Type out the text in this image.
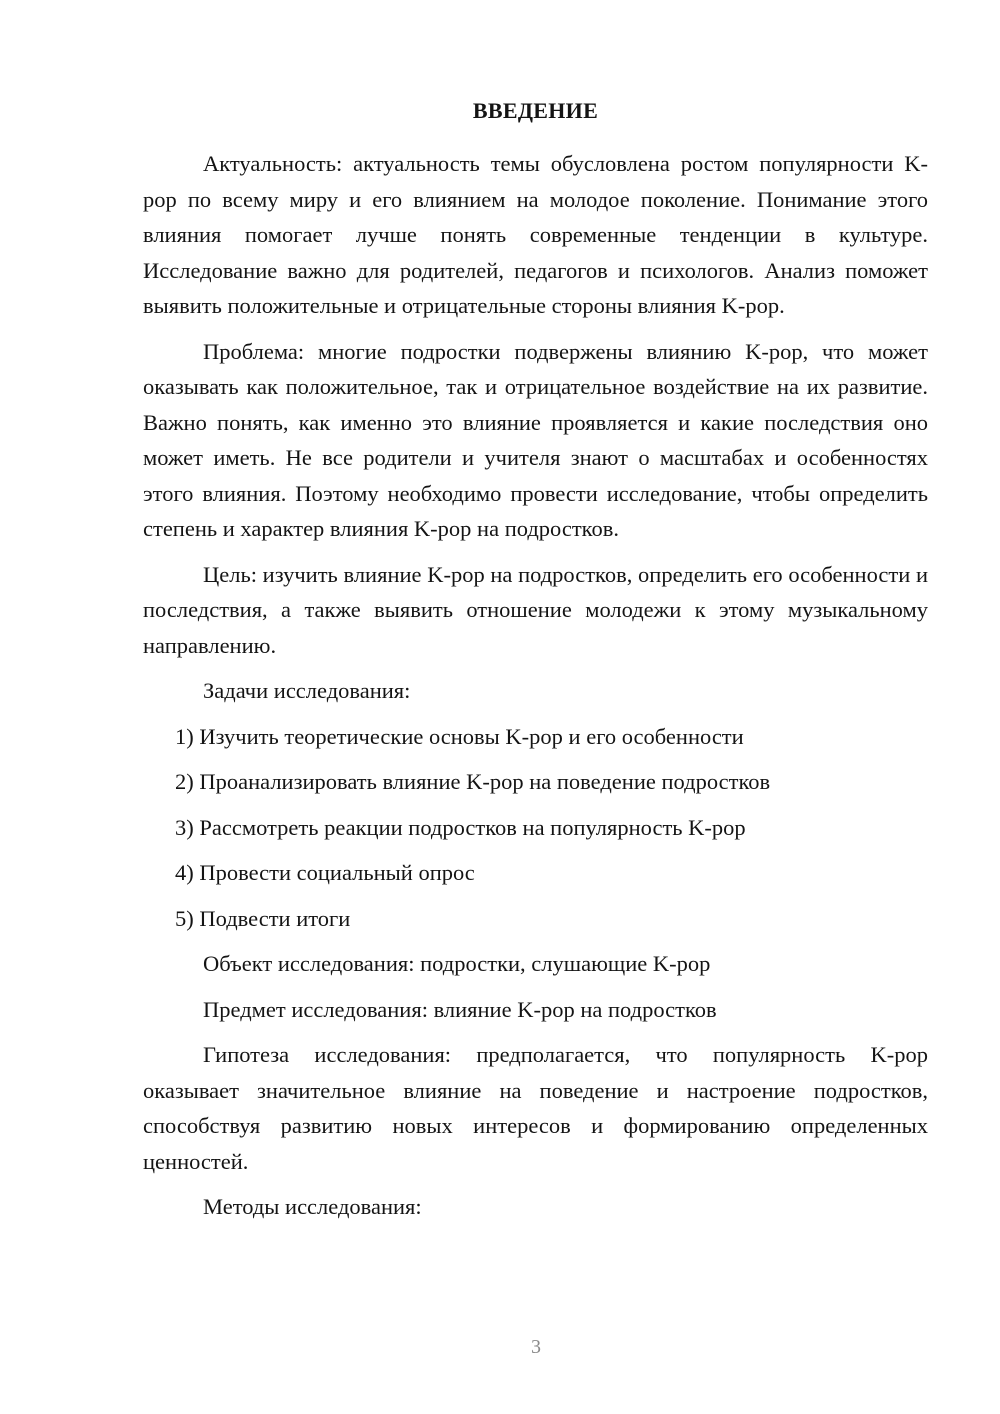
ВВЕДЕНИЕ

Актуальность: актуальность темы обусловлена ростом популярности K-pop по всему миру и его влиянием на молодое поколение. Понимание этого влияния помогает лучше понять современные тенденции в культуре. Исследование важно для родителей, педагогов и психологов. Анализ поможет выявить положительные и отрицательные стороны влияния K-pop.

Проблема: многие подростки подвержены влиянию K-pop, что может оказывать как положительное, так и отрицательное воздействие на их развитие. Важно понять, как именно это влияние проявляется и какие последствия оно может иметь. Не все родители и учителя знают о масштабах и особенностях этого влияния. Поэтому необходимо провести исследование, чтобы определить степень и характер влияния K-pop на подростков.

Цель: изучить влияние K-pop на подростков, определить его особенности и последствия, а также выявить отношение молодежи к этому музыкальному направлению.

Задачи исследования:

1) Изучить теоретические основы K-pop и его особенности
2) Проанализировать влияние K-pop на поведение подростков
3) Рассмотреть реакции подростков на популярность K-pop
4) Провести социальный опрос
5) Подвести итоги

Объект исследования: подростки, слушающие K-pop

Предмет исследования: влияние K-pop на подростков

Гипотеза исследования: предполагается, что популярность K-pop оказывает значительное влияние на поведение и настроение подростков, способствуя развитию новых интересов и формированию определенных ценностей.

Методы исследования:

3
